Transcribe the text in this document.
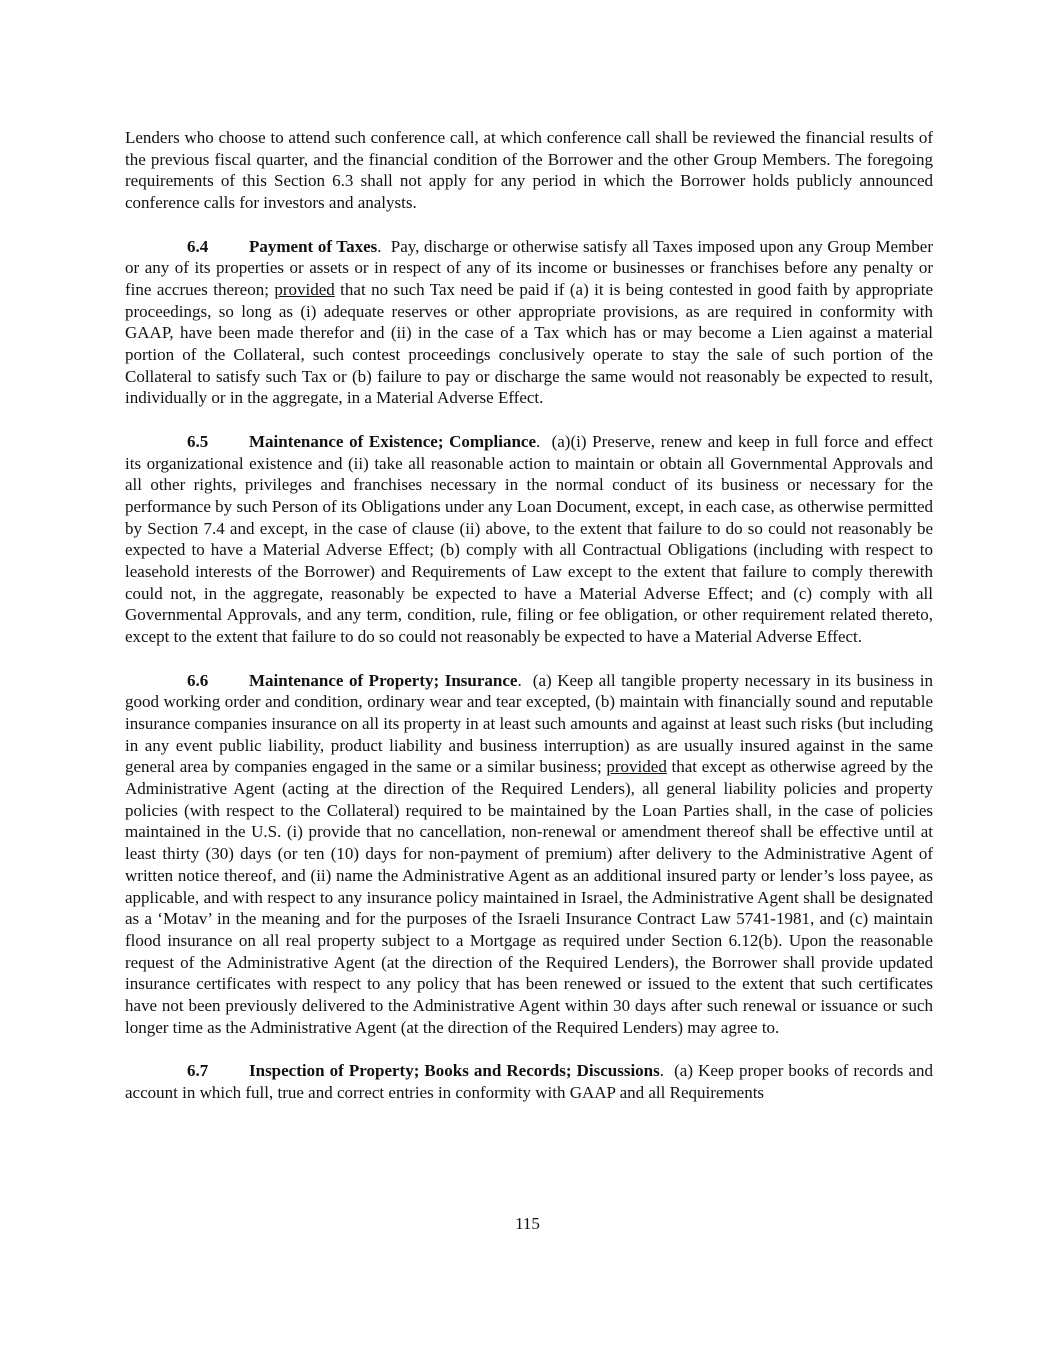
Lenders who choose to attend such conference call, at which conference call shall be reviewed the financial results of the previous fiscal quarter, and the financial condition of the Borrower and the other Group Members. The foregoing requirements of this Section 6.3 shall not apply for any period in which the Borrower holds publicly announced conference calls for investors and analysts.

6.4 Payment of Taxes.  Pay, discharge or otherwise satisfy all Taxes imposed upon any Group Member or any of its properties or assets or in respect of any of its income or businesses or franchises before any penalty or fine accrues thereon; provided that no such Tax need be paid if (a) it is being contested in good faith by appropriate proceedings, so long as (i) adequate reserves or other appropriate provisions, as are required in conformity with GAAP, have been made therefor and (ii) in the case of a Tax which has or may become a Lien against a material portion of the Collateral, such contest proceedings conclusively operate to stay the sale of such portion of the Collateral to satisfy such Tax or (b) failure to pay or discharge the same would not reasonably be expected to result, individually or in the aggregate, in a Material Adverse Effect.

6.5 Maintenance of Existence; Compliance.  (a)(i) Preserve, renew and keep in full force and effect its organizational existence and (ii) take all reasonable action to maintain or obtain all Governmental Approvals and all other rights, privileges and franchises necessary in the normal conduct of its business or necessary for the performance by such Person of its Obligations under any Loan Document, except, in each case, as otherwise permitted by Section 7.4 and except, in the case of clause (ii) above, to the extent that failure to do so could not reasonably be expected to have a Material Adverse Effect; (b) comply with all Contractual Obligations (including with respect to leasehold interests of the Borrower) and Requirements of Law except to the extent that failure to comply therewith could not, in the aggregate, reasonably be expected to have a Material Adverse Effect; and (c) comply with all Governmental Approvals, and any term, condition, rule, filing or fee obligation, or other requirement related thereto, except to the extent that failure to do so could not reasonably be expected to have a Material Adverse Effect.

6.6 Maintenance of Property; Insurance.  (a) Keep all tangible property necessary in its business in good working order and condition, ordinary wear and tear excepted, (b) maintain with financially sound and reputable insurance companies insurance on all its property in at least such amounts and against at least such risks (but including in any event public liability, product liability and business interruption) as are usually insured against in the same general area by companies engaged in the same or a similar business; provided that except as otherwise agreed by the Administrative Agent (acting at the direction of the Required Lenders), all general liability policies and property policies (with respect to the Collateral) required to be maintained by the Loan Parties shall, in the case of policies maintained in the U.S. (i) provide that no cancellation, non-renewal or amendment thereof shall be effective until at least thirty (30) days (or ten (10) days for non-payment of premium) after delivery to the Administrative Agent of written notice thereof, and (ii) name the Administrative Agent as an additional insured party or lender’s loss payee, as applicable, and with respect to any insurance policy maintained in Israel, the Administrative Agent shall be designated as a ‘Motav’ in the meaning and for the purposes of the Israeli Insurance Contract Law 5741-1981, and (c) maintain flood insurance on all real property subject to a Mortgage as required under Section 6.12(b). Upon the reasonable request of the Administrative Agent (at the direction of the Required Lenders), the Borrower shall provide updated insurance certificates with respect to any policy that has been renewed or issued to the extent that such certificates have not been previously delivered to the Administrative Agent within 30 days after such renewal or issuance or such longer time as the Administrative Agent (at the direction of the Required Lenders) may agree to.

6.7 Inspection of Property; Books and Records; Discussions.  (a) Keep proper books of records and account in which full, true and correct entries in conformity with GAAP and all Requirements

115
